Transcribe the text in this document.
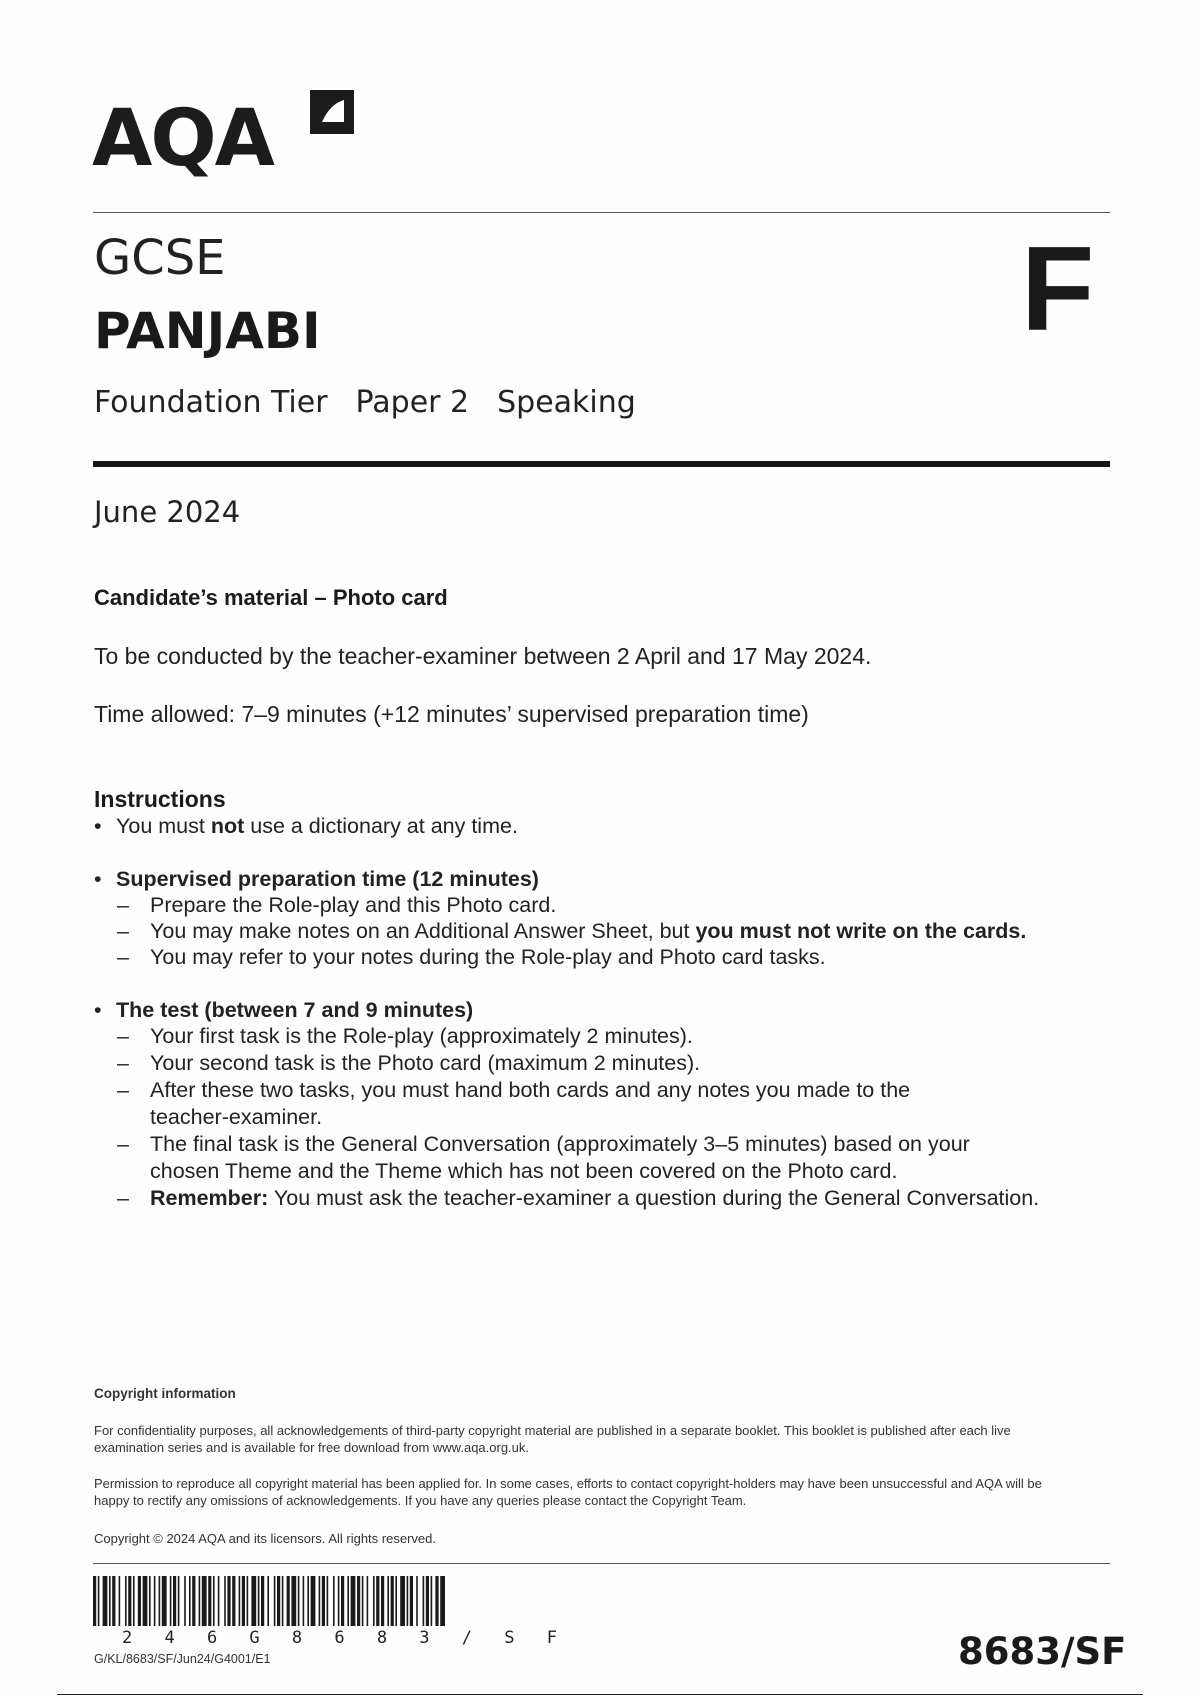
AQA
GCSE
PANJABI	F
Foundation Tier Paper 2 Speaking
June 2024
Candidate’s material – Photo card
To be conducted by the teacher-examiner between 2 April and 17 May 2024.
Time allowed: 7–9 minutes (+12 minutes’ supervised preparation time)
Instructions
• You must not use a dictionary at any time.
• Supervised preparation time (12 minutes)
– Prepare the Role-play and this Photo card.
– You may make notes on an Additional Answer Sheet, but you must not write on the cards.
– You may refer to your notes during the Role-play and Photo card tasks.
• The test (between 7 and 9 minutes)
– Your first task is the Role-play (approximately 2 minutes).
– Your second task is the Photo card (maximum 2 minutes).
– After these two tasks, you must hand both cards and any notes you made to the teacher-examiner.
– The final task is the General Conversation (approximately 3–5 minutes) based on your chosen Theme and the Theme which has not been covered on the Photo card.
– Remember: You must ask the teacher-examiner a question during the General Conversation.
Copyright information
For confidentiality purposes, all acknowledgements of third-party copyright material are published in a separate booklet. This booklet is published after each live examination series and is available for free download from www.aqa.org.uk.
Permission to reproduce all copyright material has been applied for. In some cases, efforts to contact copyright-holders may have been unsuccessful and AQA will be happy to rectify any omissions of acknowledgements. If you have any queries please contact the Copyright Team.
Copyright © 2024 AQA and its licensors. All rights reserved.
2 4 6 G 8 6 8 3 / S F
G/KL/8683/SF/Jun24/G4001/E1	8683/SF
